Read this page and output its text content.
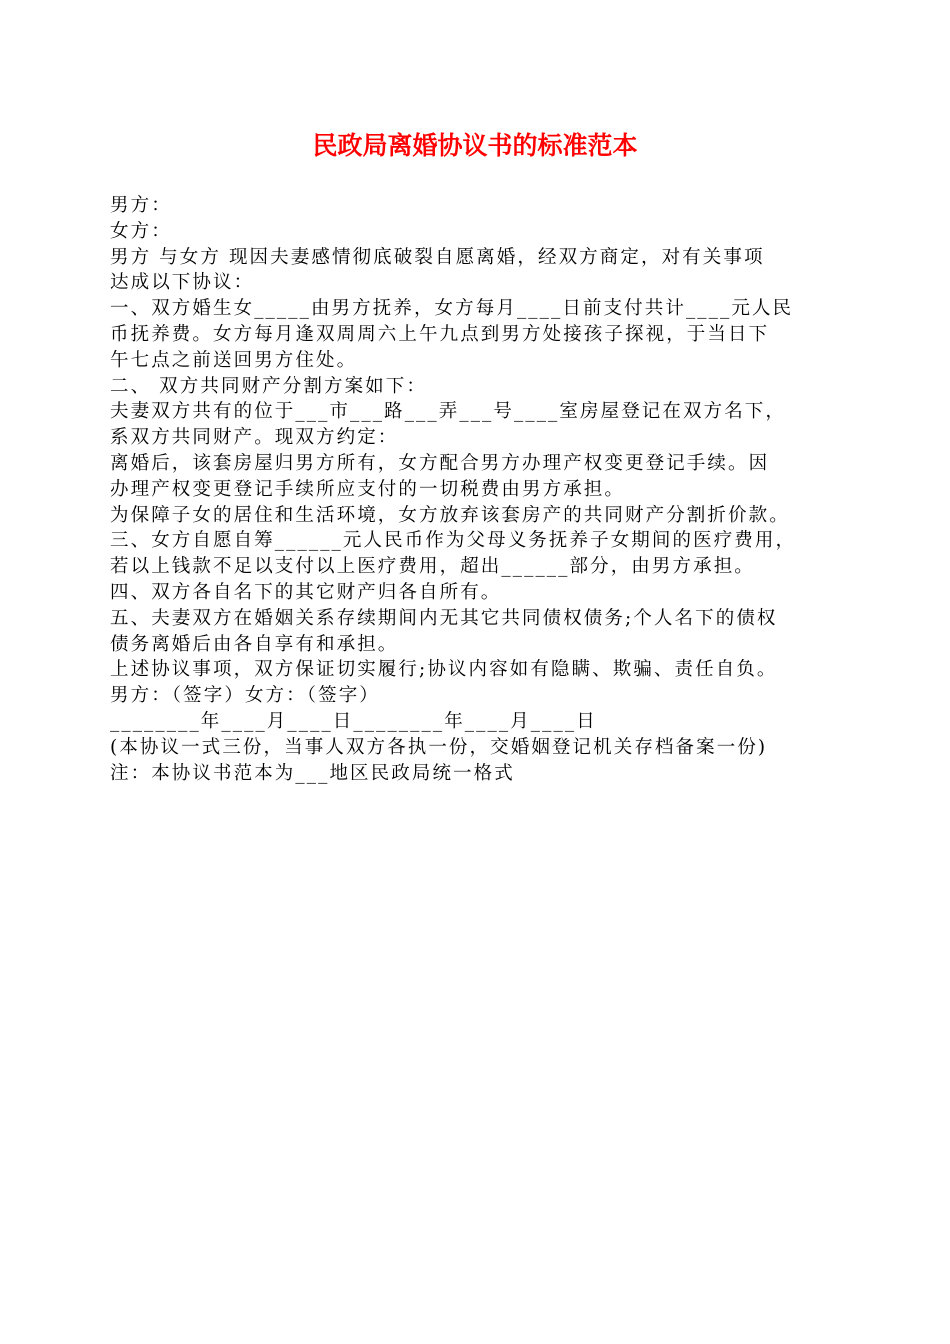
民政局离婚协议书的标准范本
男方：
女方：
男方 与女方 现因夫妻感情彻底破裂自愿离婚，经双方商定，对有关事项
达成以下协议：
一、双方婚生女_____由男方抚养，女方每月____日前支付共计____元人民
币抚养费。女方每月逢双周周六上午九点到男方处接孩子探视，于当日下
午七点之前送回男方住处。
二、 双方共同财产分割方案如下：
夫妻双方共有的位于___市___路___弄___号____室房屋登记在双方名下，
系双方共同财产。现双方约定：
离婚后，该套房屋归男方所有，女方配合男方办理产权变更登记手续。因
办理产权变更登记手续所应支付的一切税费由男方承担。
为保障子女的居住和生活环境，女方放弃该套房产的共同财产分割折价款。
三、女方自愿自筹______元人民币作为父母义务抚养子女期间的医疗费用，
若以上钱款不足以支付以上医疗费用，超出______部分，由男方承担。
四、双方各自名下的其它财产归各自所有。
五、夫妻双方在婚姻关系存续期间内无其它共同债权债务;个人名下的债权
债务离婚后由各自享有和承担。
上述协议事项，双方保证切实履行;协议内容如有隐瞒、欺骗、责任自负。
男方：（签字）女方：（签字）
________年____月____日________年____月____日
(本协议一式三份，当事人双方各执一份，交婚姻登记机关存档备案一份)
注：本协议书范本为___地区民政局统一格式
